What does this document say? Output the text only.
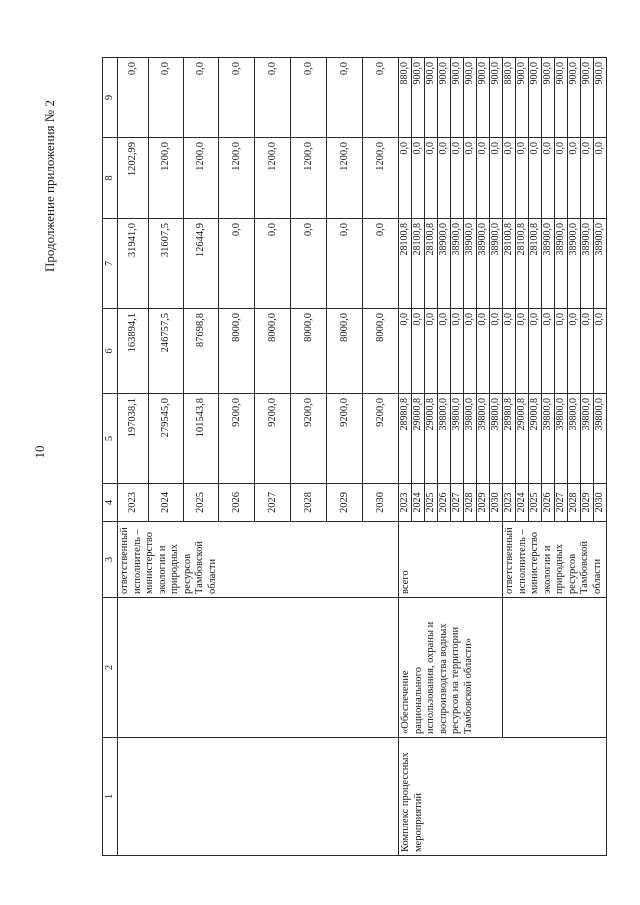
10
Продолжение приложения № 2
1	2	3	4	5	6	7	8	9
		ответственный исполнитель – министерство экологии и природных ресурсов Тамбовской области	2023	197038,1	163894,1	31941,0	1202,99	0,0
			2024	279545,0	246757,5	31607,5	1200,0	0,0
			2025	101543,8	87698,8	12644,9	1200,0	0,0
			2026	9200,0	8000,0	0,0	1200,0	0,0
			2027	9200,0	8000,0	0,0	1200,0	0,0
			2028	9200,0	8000,0	0,0	1200,0	0,0
			2029	9200,0	8000,0	0,0	1200,0	0,0
			2030	9200,0	8000,0	0,0	1200,0	0,0
Комплекс процессных мероприятий	«Обеспечение рационального использования, охраны и воспроизводства водных ресурсов на территории Тамбовской области»	всего	2023	28980,8	0,0	28100,8	0,0	880,0
			2024	29000,8	0,0	28100,8	0,0	900,0
			2025	29000,8	0,0	28100,8	0,0	900,0
			2026	39800,0	0,0	38900,0	0,0	900,0
			2027	39800,0	0,0	38900,0	0,0	900,0
			2028	39800,0	0,0	38900,0	0,0	900,0
			2029	39800,0	0,0	38900,0	0,0	900,0
			2030	39800,0	0,0	38900,0	0,0	900,0
		ответственный исполнитель – министерство экологии и природных ресурсов Тамбовской области	2023	28980,8	0,0	28100,8	0,0	880,0
			2024	29000,8	0,0	28100,8	0,0	900,0
			2025	29000,8	0,0	28100,8	0,0	900,0
			2026	39800,0	0,0	38900,0	0,0	900,0
			2027	39800,0	0,0	38900,0	0,0	900,0
			2028	39800,0	0,0	38900,0	0,0	900,0
			2029	39800,0	0,0	38900,0	0,0	900,0
			2030	39800,0	0,0	38900,0	0,0	900,0
